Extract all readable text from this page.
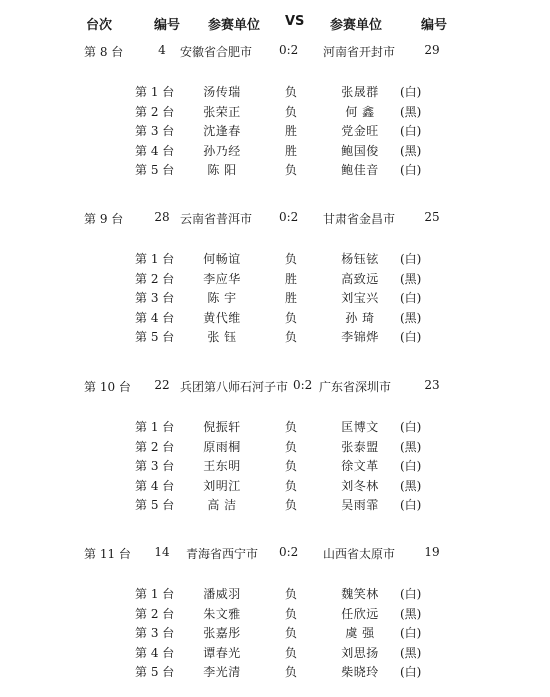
台次	编号 参赛单位 VS 参赛单位	编号
第 8 台	4	安徽省合肥市 0:2 河南省开封市	29
第 1 台	汤传瑞	负	张晟群	(白)
第 2 台	张荣正	负	何 鑫	(黑)
第 3 台	沈逢春	胜	党金旺	(白)
第 4 台	孙乃经	胜	鲍国俊	(黑)
第 5 台	陈 阳	负	鲍佳音	(白)
第 9 台	28 云南省普洱市 0:2 甘肃省金昌市	25
第 1 台	何畅谊	负	杨钰铉	(白)
第 2 台	李应华	胜	高致远	(黑)
第 3 台	陈 宇	胜	刘宝兴	(白)
第 4 台	黄代维	负	孙 琦	(黑)
第 5 台	张 钰	负	李锦烨	(白)
第 10 台	22 兵团第八师石河子市 0:2 广东省深圳市	23
第 1 台	倪振轩	负	匡博文	(白)
第 2 台	原雨桐	负	张泰盟	(黑)
第 3 台	王东明	负	徐文革	(白)
第 4 台	刘明江	负	刘冬林	(黑)
第 5 台	高 洁	负	吴雨霏	(白)
第 11 台	14	青海省西宁市 0:2 山西省太原市	19
第 1 台	潘威羽	负	魏笑林	(白)
第 2 台	朱文雅	负	任欣远	(黑)
第 3 台	张嘉彤	负	虞 强	(白)
第 4 台	谭春光	负	刘思扬	(黑)
第 5 台	李光清	负	柴晓玲	(白)
